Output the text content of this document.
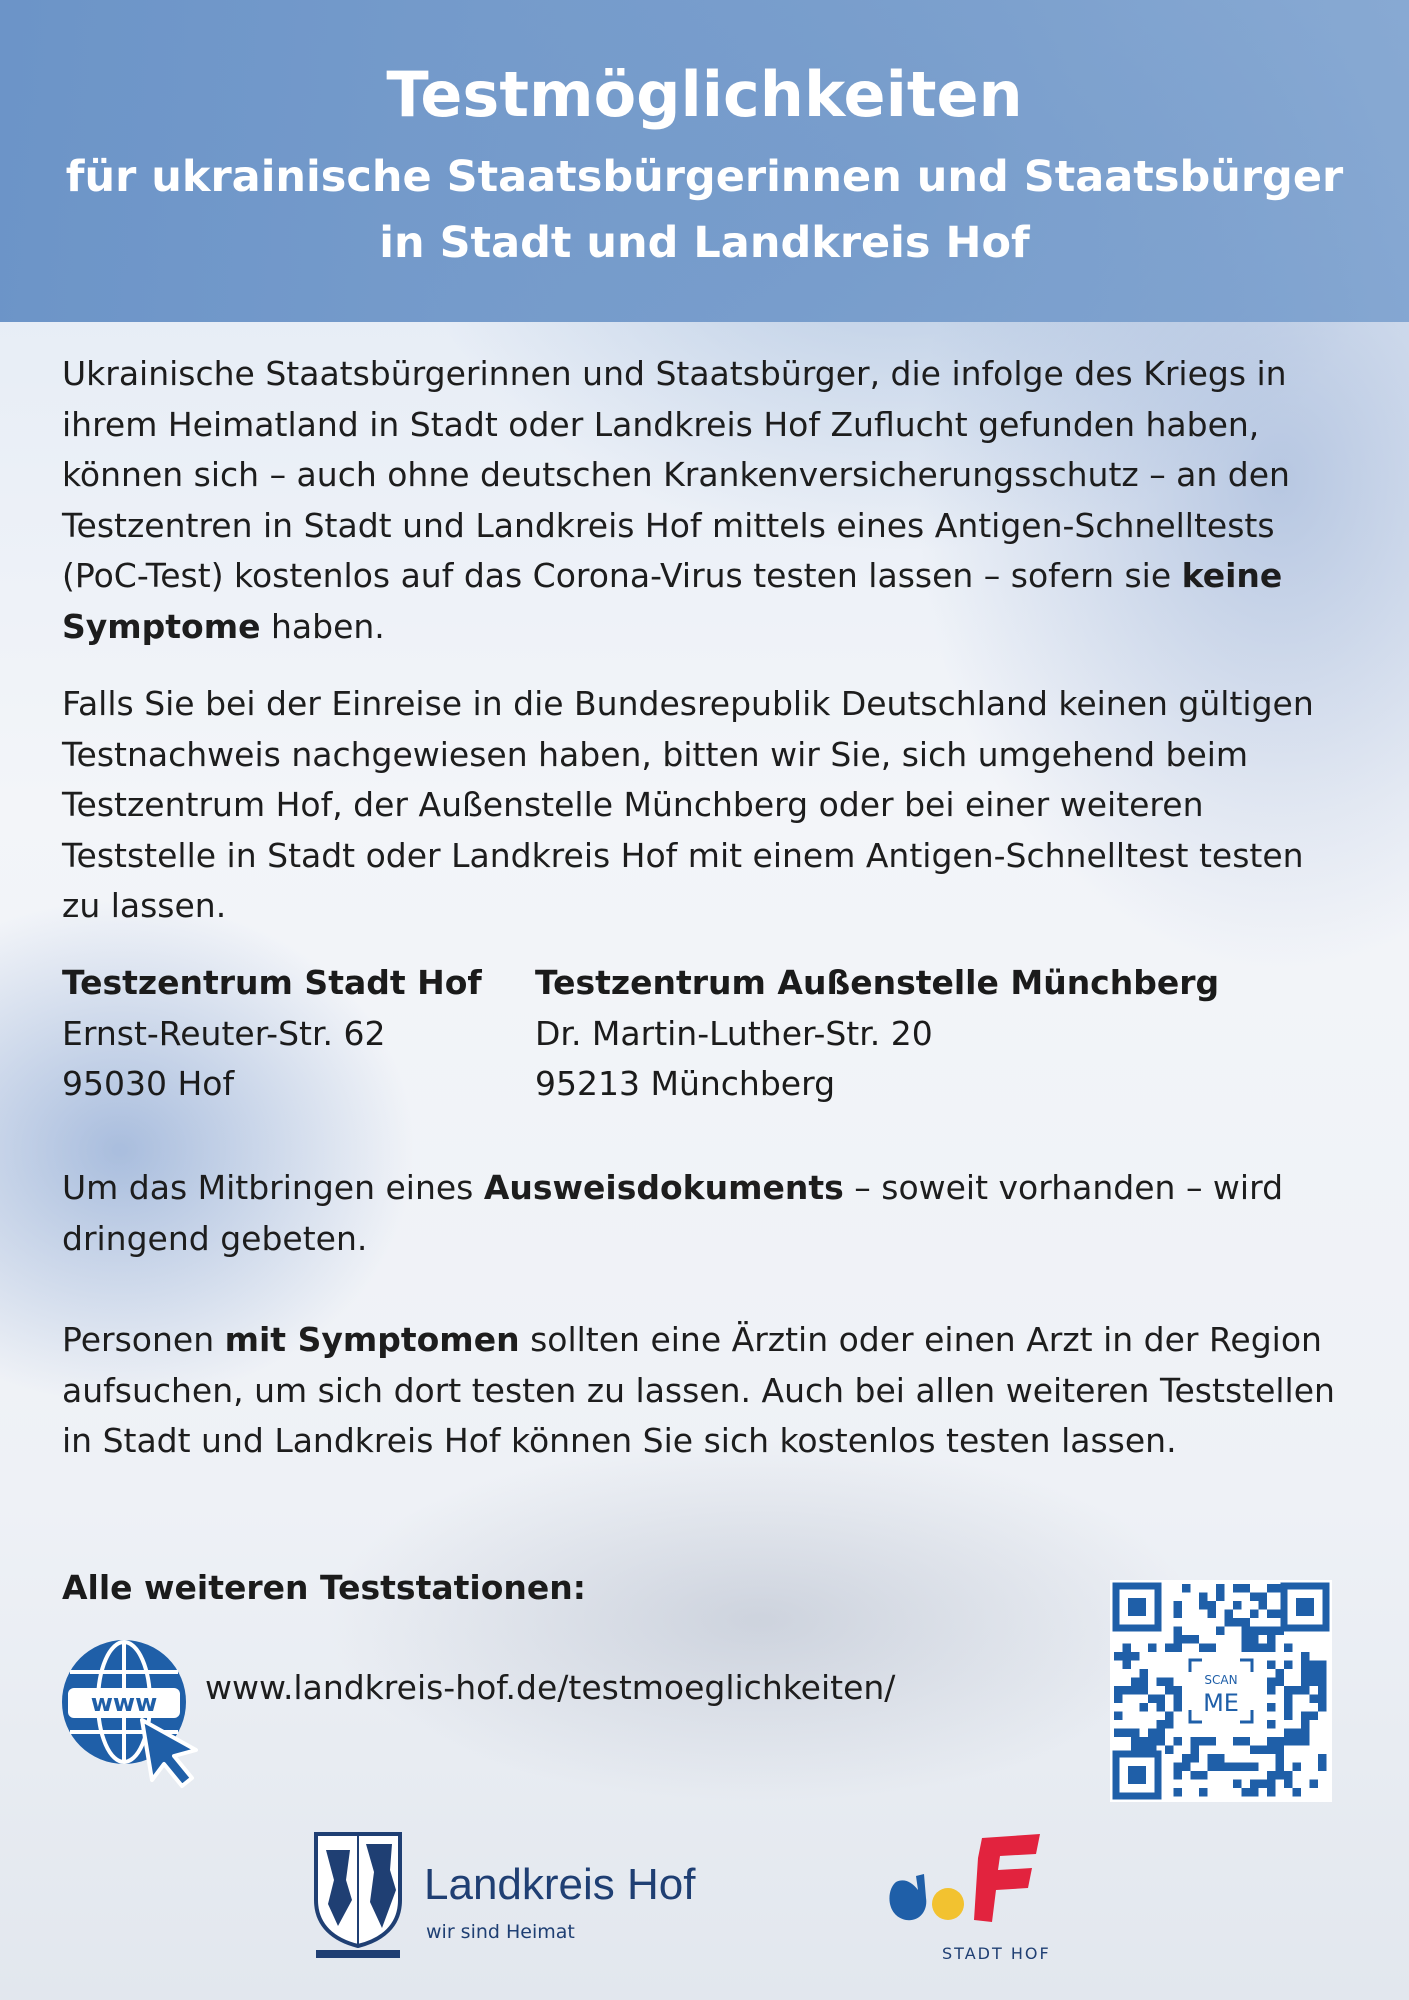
Testmöglichkeiten
für ukrainische Staatsbürgerinnen und Staatsbürger
in Stadt und Landkreis Hof
Ukrainische Staatsbürgerinnen und Staatsbürger, die infolge des Kriegs in ihrem Heimatland in Stadt oder Landkreis Hof Zuflucht gefunden haben, können sich – auch ohne deutschen Krankenversicherungsschutz – an den Testzentren in Stadt und Landkreis Hof mittels eines Antigen-Schnelltests (PoC-Test) kostenlos auf das Corona-Virus testen lassen – sofern sie keine Symptome haben.
Falls Sie bei der Einreise in die Bundesrepublik Deutschland keinen gültigen Testnachweis nachgewiesen haben, bitten wir Sie, sich umgehend beim Testzentrum Hof, der Außenstelle Münchberg oder bei einer weiteren Teststelle in Stadt oder Landkreis Hof mit einem Antigen-Schnelltest testen zu lassen.
Testzentrum Stadt Hof
Ernst-Reuter-Str. 62
95030 Hof
Testzentrum Außenstelle Münchberg
Dr. Martin-Luther-Str. 20
95213 Münchberg
Um das Mitbringen eines Ausweisdokuments – soweit vorhanden – wird dringend gebeten.
Personen mit Symptomen sollten eine Ärztin oder einen Arzt in der Region aufsuchen, um sich dort testen zu lassen. Auch bei allen weiteren Teststellen in Stadt und Landkreis Hof können Sie sich kostenlos testen lassen.
Alle weiteren Teststationen:
www www.landkreis-hof.de/testmoeglichkeiten/	SCAN
ME
Landkreis Hof
wir sind Heimat
STADT HOF
